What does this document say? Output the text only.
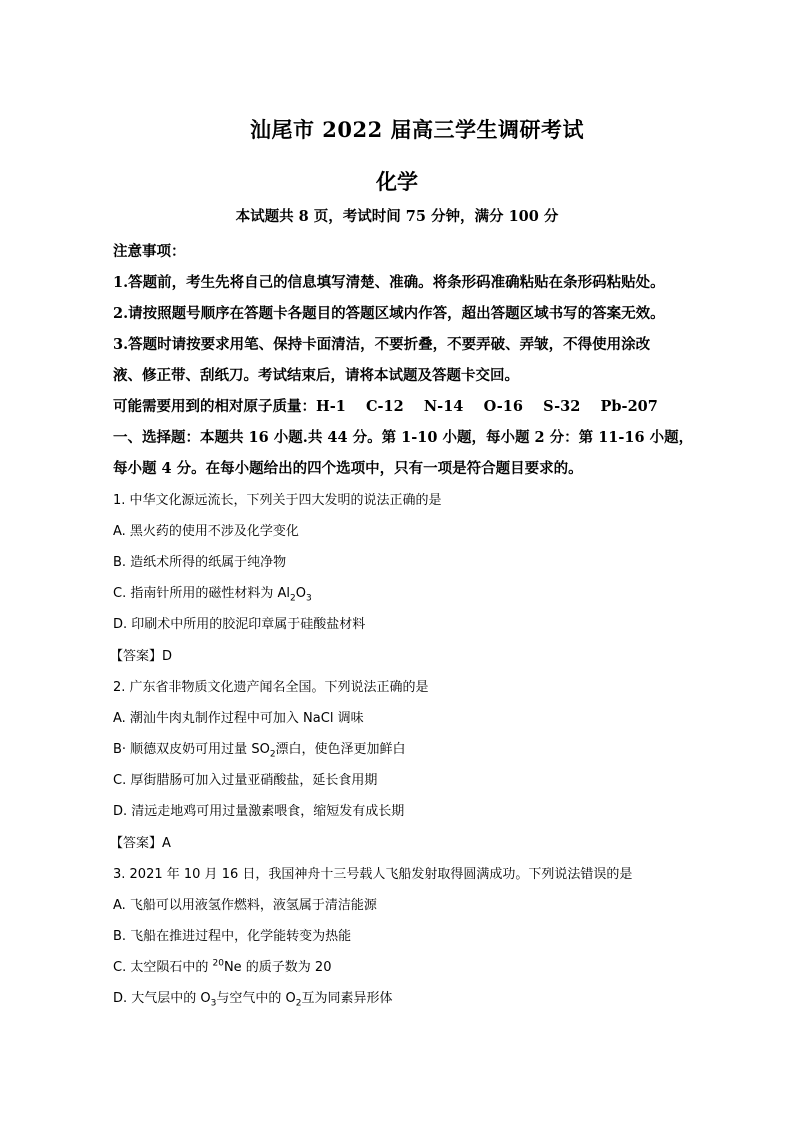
汕尾市 2022 届高三学生调研考试
化学
本试题共 8 页，考试时间 75 分钟，满分 100 分
注意事项：
1.答题前，考生先将自己的信息填写清楚、准确。将条形码准确粘贴在条形码粘贴处。
2.请按照题号顺序在答题卡各题目的答题区域内作答，超出答题区域书写的答案无效。
3.答题时请按要求用笔、保持卡面清洁，不要折叠，不要弄破、弄皱，不得使用涂改
液、修正带、刮纸刀。考试结束后，请将本试题及答题卡交回。
可能需要用到的相对原子质量：H-1    C-12    N-14    O-16    S-32    Pb-207
一、选择题：本题共 16 小题.共 44 分。第 1-10 小题，每小题 2 分：第 11-16 小题，
每小题 4 分。在每小题给出的四个选项中，只有一项是符合题目要求的。
1. 中华文化源远流长，下列关于四大发明的说法正确的是
A. 黑火药的使用不涉及化学变化
B. 造纸术所得的纸属于纯净物
C. 指南针所用的磁性材料为 $Al_2O_3$
D. 印刷术中所用的胶泥印章属于硅酸盐材料
【答案】D
2. 广东省非物质文化遗产闻名全国。下列说法正确的是
A. 潮汕牛肉丸制作过程中可加入 NaCl 调味
B· 顺德双皮奶可用过量 $SO_2$漂白，使色泽更加鲜白
C. 厚街腊肠可加入过量亚硝酸盐，延长食用期
D. 清远走地鸡可用过量激素喂食，缩短发有成长期
【答案】A
3. 2021 年 10 月 16 日，我国神舟十三号载人飞船发射取得圆满成功。下列说法错误的是
A. 飞船可以用液氢作燃料，液氢属于清洁能源
B. 飞船在推进过程中，化学能转变为热能
C. 太空陨石中的 $^{20}$Ne 的质子数为 20
D. 大气层中的 $O_3$与空气中的 $O_2$互为同素异形体
